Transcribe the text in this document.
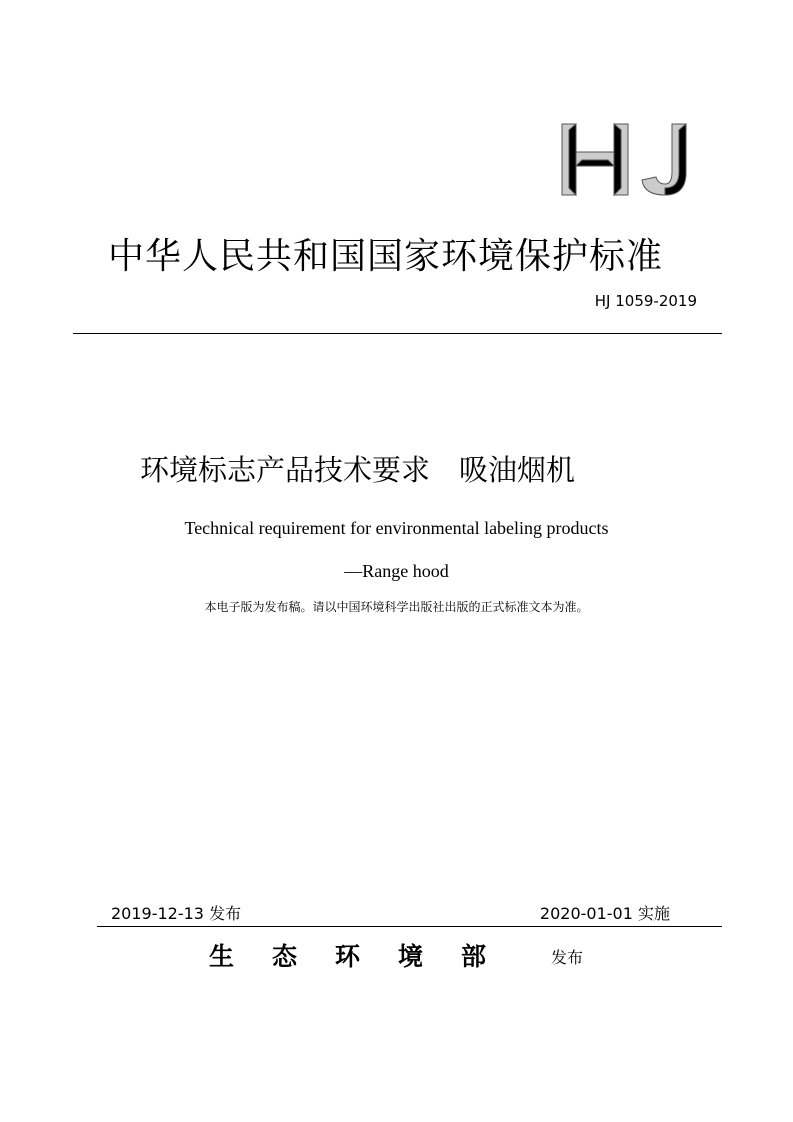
中华人民共和国国家环境保护标准
HJ 1059-2019
环境标志产品技术要求　吸油烟机
Technical requirement for environmental labeling products
—Range hood
本电子版为发布稿。请以中国环境科学出版社出版的正式标准文本为准。
2019-12-13 发布	2020-01-01 实施
生态环境部 发布
